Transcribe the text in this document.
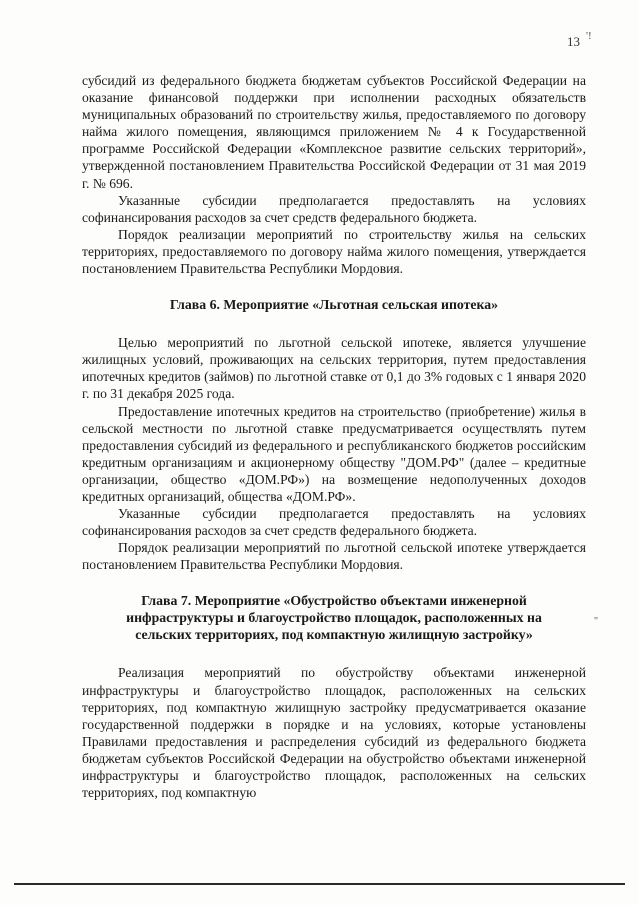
13 '!
"

субсидий из федерального бюджета бюджетам субъектов Российской Федерации на оказание финансовой поддержки при исполнении расходных обязательств муниципальных образований по строительству жилья, предоставляемого по договору найма жилого помещения, являющимся приложением № 4 к Государственной программе Российской Федерации «Комплексное развитие сельских территорий», утвержденной постановлением Правительства Российской Федерации от 31 мая 2019 г. № 696.

Указанные субсидии предполагается предоставлять на условиях софинансирования расходов за счет средств федерального бюджета.

Порядок реализации мероприятий по строительству жилья на сельских территориях, предоставляемого по договору найма жилого помещения, утверждается постановлением Правительства Республики Мордовия.

Глава 6. Мероприятие «Льготная сельская ипотека»

Целью мероприятий по льготной сельской ипотеке, является улучшение жилищных условий, проживающих на сельских территория, путем предоставления ипотечных кредитов (займов) по льготной ставке от 0,1 до 3% годовых с 1 января 2020 г. по 31 декабря 2025 года.

Предоставление ипотечных кредитов на строительство (приобретение) жилья в сельской местности по льготной ставке предусматривается осуществлять путем предоставления субсидий из федерального и республиканского бюджетов российским кредитным организациям и акционерному обществу "ДОМ.РФ" (далее – кредитные организации, общество «ДОМ.РФ») на возмещение недополученных доходов кредитных организаций, общества «ДОМ.РФ».

Указанные субсидии предполагается предоставлять на условиях софинансирования расходов за счет средств федерального бюджета.

Порядок реализации мероприятий по льготной сельской ипотеке утверждается постановлением Правительства Республики Мордовия.

Глава 7. Мероприятие «Обустройство объектами инженерной
инфраструктуры и благоустройство площадок, расположенных на
сельских территориях, под компактную жилищную застройку»

Реализация мероприятий по обустройству объектами инженерной инфраструктуры и благоустройство площадок, расположенных на сельских территориях, под компактную жилищную застройку предусматривается оказание государственной поддержки в порядке и на условиях, которые установлены Правилами предоставления и распределения субсидий из федерального бюджета бюджетам субъектов Российской Федерации на обустройство объектами инженерной инфраструктуры и благоустройство площадок, расположенных на сельских территориях, под компактную
